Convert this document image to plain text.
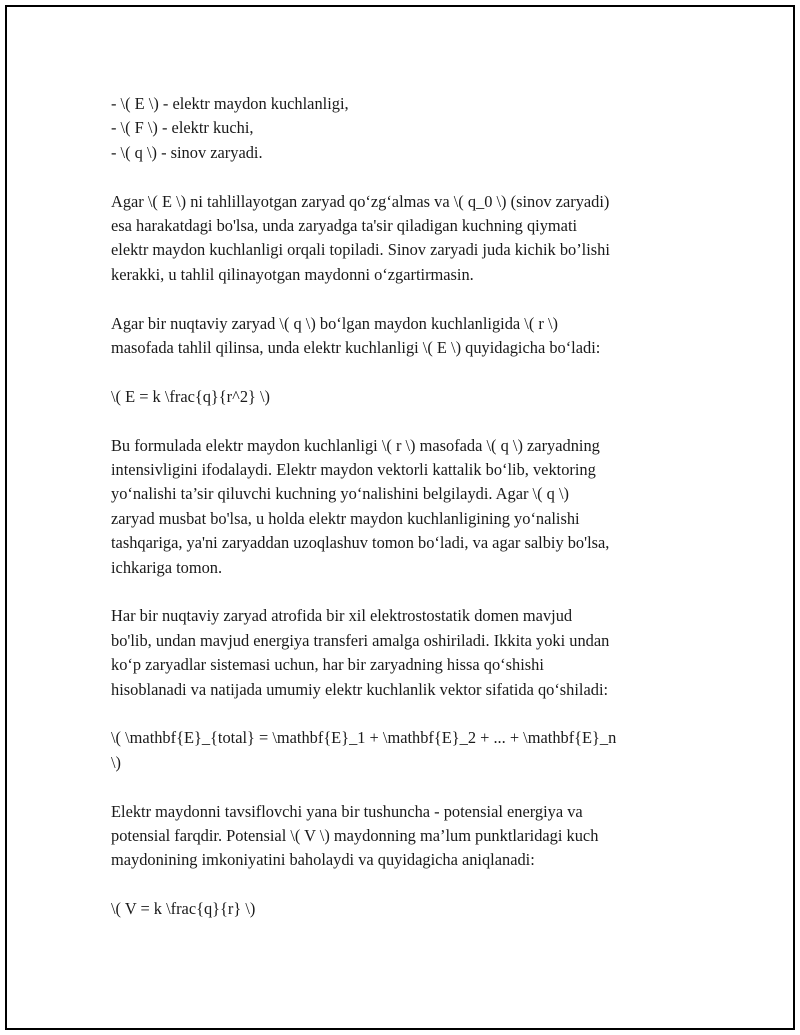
- \( E \) - elektr maydon kuchlanligi,
- \( F \) - elektr kuchi,
- \( q \) - sinov zaryadi.

Agar \( E \) ni tahlillayotgan zaryad qo‘zg‘almas va \( q_0 \) (sinov zaryadi)
esa harakatdagi bo'lsa, unda zaryadga ta'sir qiladigan kuchning qiymati
elektr maydon kuchlanligi orqali topiladi. Sinov zaryadi juda kichik bo’lishi
kerakki, u tahlil qilinayotgan maydonni o‘zgartirmasin.

Agar bir nuqtaviy zaryad \( q \) bo‘lgan maydon kuchlanligida \( r \)
masofada tahlil qilinsa, unda elektr kuchlanligi \( E \) quyidagicha bo‘ladi:

\( E = k \frac{q}{r^2} \)

Bu formulada elektr maydon kuchlanligi \( r \) masofada \( q \) zaryadning
intensivligini ifodalaydi. Elektr maydon vektorli kattalik bo‘lib, vektoring
yo‘nalishi ta’sir qiluvchi kuchning yo‘nalishini belgilaydi. Agar \( q \)
zaryad musbat bo'lsa, u holda elektr maydon kuchlanligining yo‘nalishi
tashqariga, ya'ni zaryaddan uzoqlashuv tomon bo‘ladi, va agar salbiy bo'lsa,
ichkariga tomon.

Har bir nuqtaviy zaryad atrofida bir xil elektrostostatik domen mavjud
bo'lib, undan mavjud energiya transferi amalga oshiriladi. Ikkita yoki undan
ko‘p zaryadlar sistemasi uchun, har bir zaryadning hissa qo‘shishi
hisoblanadi va natijada umumiy elektr kuchlanlik vektor sifatida qo‘shiladi:

\( \mathbf{E}_{total} = \mathbf{E}_1 + \mathbf{E}_2 + ... + \mathbf{E}_n
\)

Elektr maydonni tavsiflovchi yana bir tushuncha - potensial energiya va
potensial farqdir. Potensial \( V \) maydonning ma’lum punktlaridagi kuch
maydonining imkoniyatini baholaydi va quyidagicha aniqlanadi:

\( V = k \frac{q}{r} \)
